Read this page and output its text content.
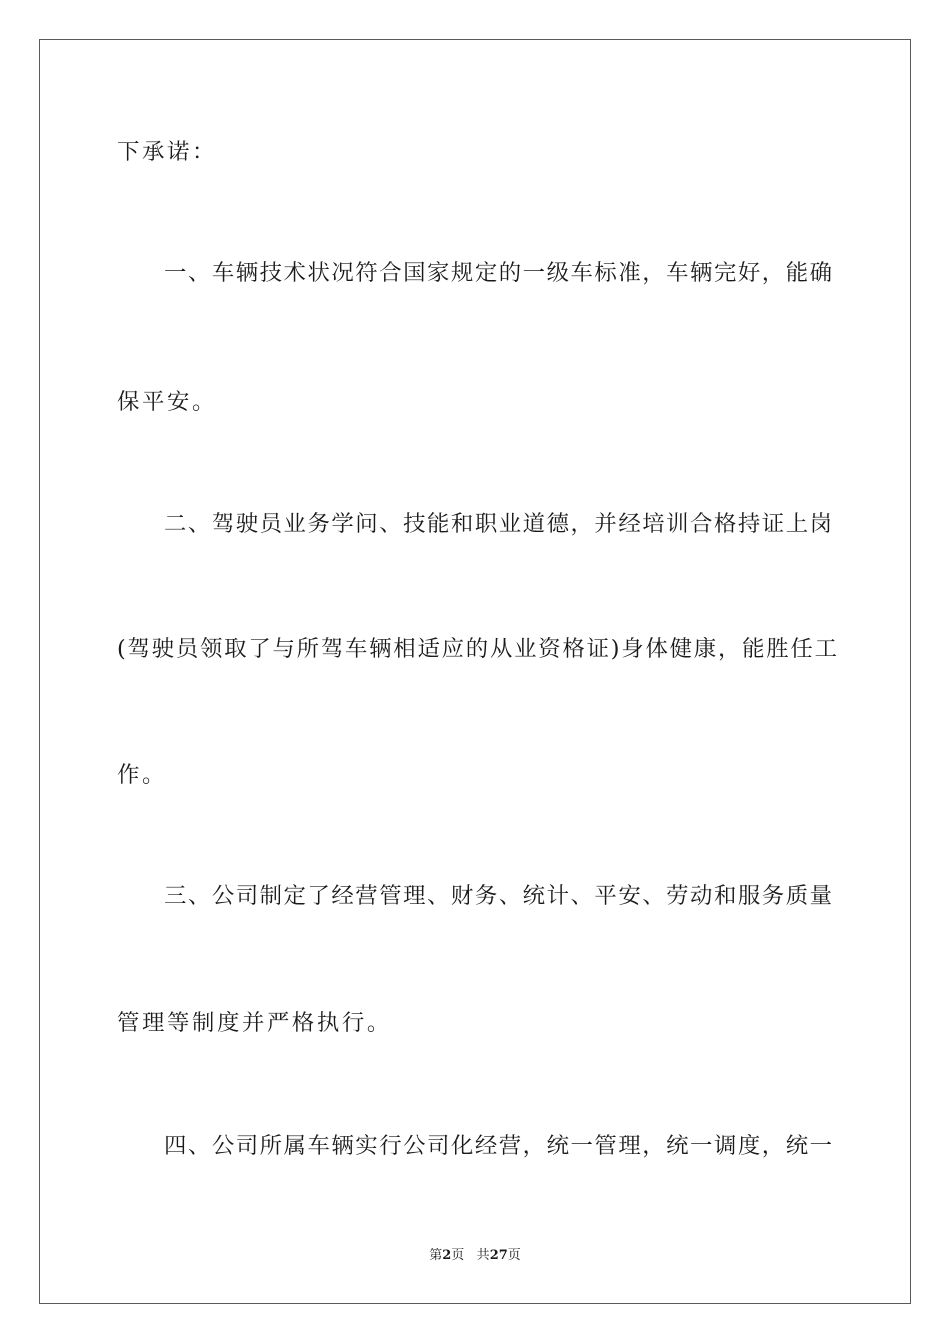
下承诺：
一、车辆技术状况符合国家规定的一级车标准，车辆完好，能确
保平安。
二、驾驶员业务学问、技能和职业道德，并经培训合格持证上岗
(驾驶员领取了与所驾车辆相适应的从业资格证)身体健康，能胜任工
作。
三、公司制定了经营管理、财务、统计、平安、劳动和服务质量
管理等制度并严格执行。
四、公司所属车辆实行公司化经营，统一管理，统一调度，统一
第2页 共27页
